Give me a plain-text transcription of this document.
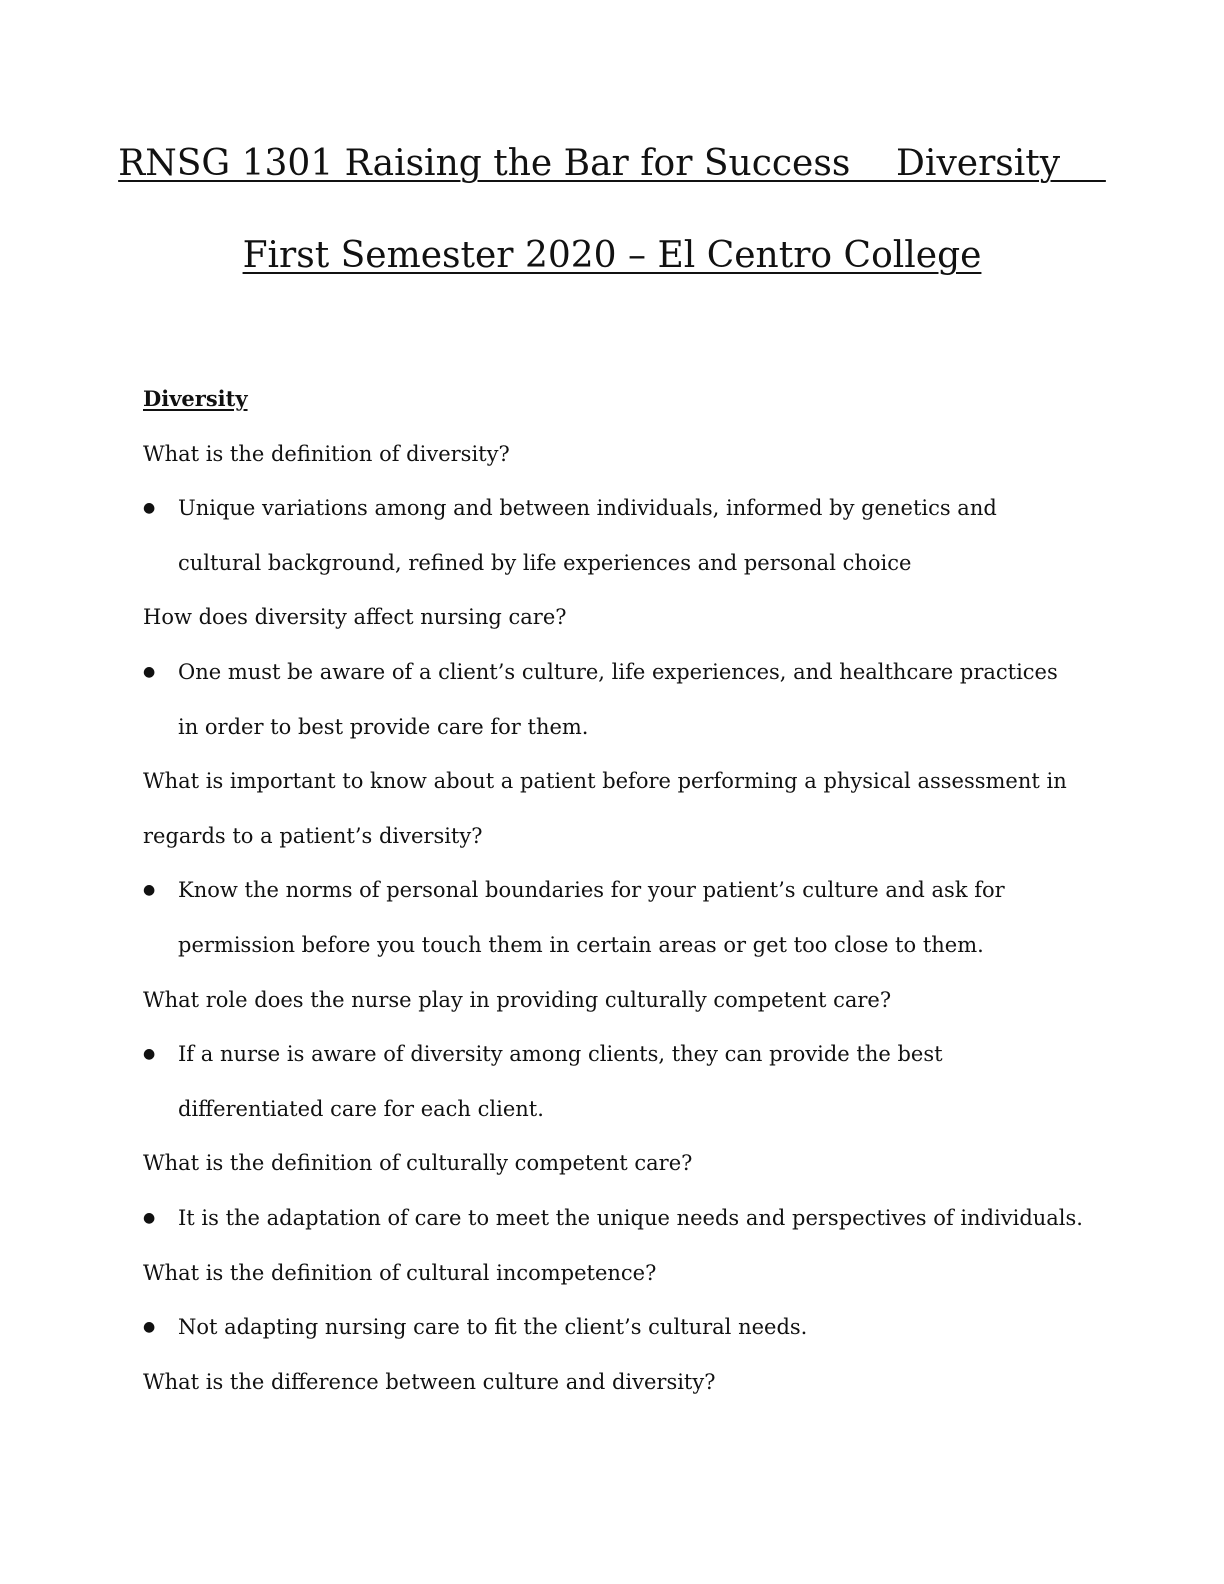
RNSG 1301 Raising the Bar for Success    Diversity
First Semester 2020 – El Centro College
Diversity

What is the definition of diversity?

●	Unique variations among and between individuals, informed by genetics and cultural background, refined by life experiences and personal choice

How does diversity affect nursing care?

●	One must be aware of a client’s culture, life experiences, and healthcare practices in order to best provide care for them.

What is important to know about a patient before performing a physical assessment in regards to a patient’s diversity?

●	Know the norms of personal boundaries for your patient’s culture and ask for permission before you touch them in certain areas or get too close to them.

What role does the nurse play in providing culturally competent care?

●	If a nurse is aware of diversity among clients, they can provide the best differentiated care for each client.

What is the definition of culturally competent care?

●	It is the adaptation of care to meet the unique needs and perspectives of individuals.

What is the definition of cultural incompetence?

●	Not adapting nursing care to fit the client’s cultural needs.

What is the difference between culture and diversity?
